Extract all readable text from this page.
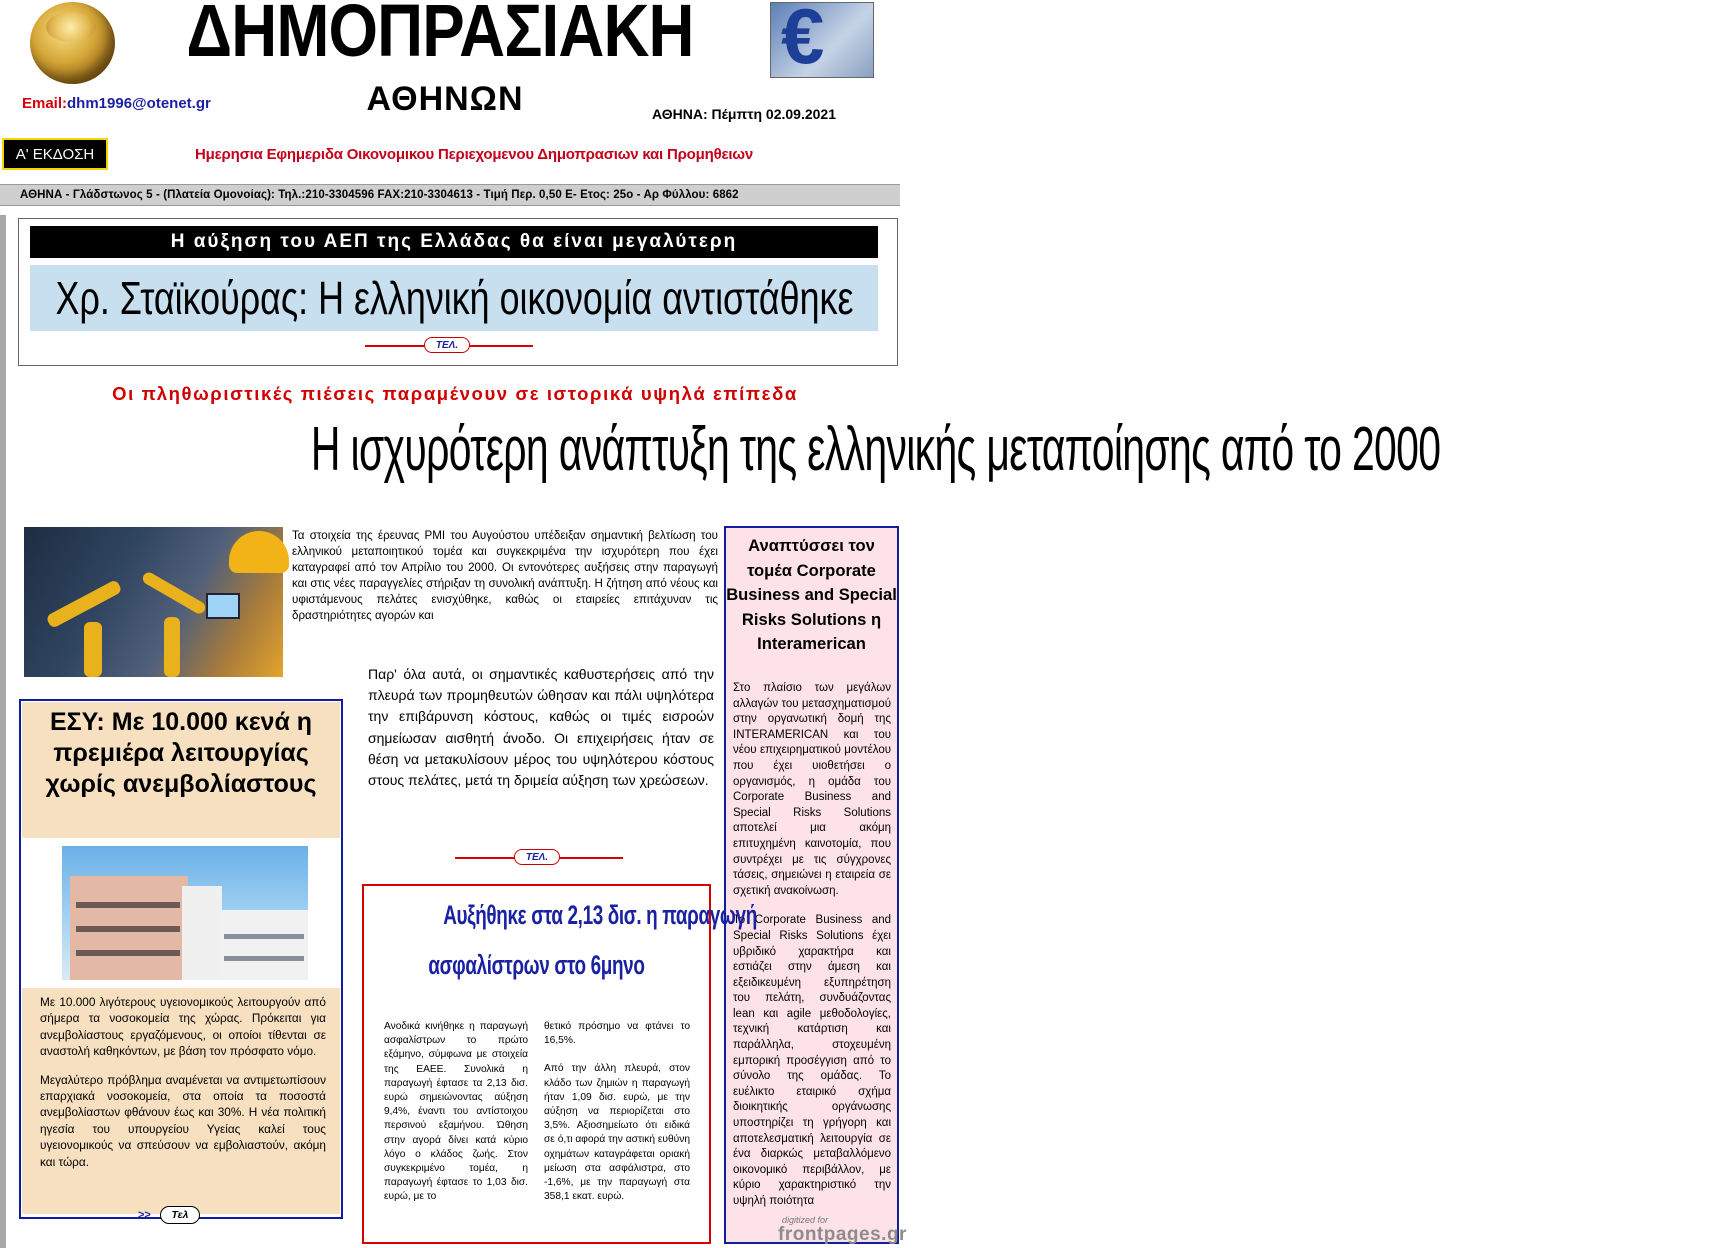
ΔΗΜΟΠΡΑΣΙΑΚΗ
ΑΘΗΝΩΝ
€
Email:dhm1996@otenet.gr
ΑΘΗΝΑ: Πέμπτη 02.09.2021
Α' ΕΚΔΟΣΗ	Ημερησια Εφημεριδα Οικονομικου Περιεχομενου Δημοπρασιων και Προμηθειων
ΑΘΗΝΑ - Γλάδστωνος 5 - (Πλατεία Ομονοίας): Τηλ.:210-3304596 FAX:210-3304613 - Τιμή Περ. 0,50 Ε- Ετος: 25ο - Αρ Φύλλου: 6862
Η αύξηση του ΑΕΠ της Ελλάδας θα είναι μεγαλύτερη
Χρ. Σταϊκούρας: Η ελληνική οικονομία αντιστάθηκε
ΤΕΛ.
Οι πληθωριστικές πιέσεις παραμένουν σε ιστορικά υψηλά επίπεδα
Η ισχυρότερη ανάπτυξη της ελληνικής μεταποίησης από το 2000
Τα στοιχεία της έρευνας PMI του Αυγούστου υπέδειξαν σημαντική βελτίωση του ελληνικού μεταποιητικού τομέα και συγκεκριμένα την ισχυρότερη που έχει καταγραφεί από τον Απρίλιο του 2000. Οι εντονότερες αυξήσεις στην παραγωγή και στις νέες παραγγελίες στήριξαν τη συνολική ανάπτυξη. Η ζήτηση από νέους και υφιστάμενους πελάτες ενισχύθηκε, καθώς οι εταιρείες επιτάχυναν τις δραστηριότητες αγορών και
Παρ' όλα αυτά, οι σημαντικές καθυστερήσεις από την πλευρά των προμηθευτών ώθησαν και πάλι υψηλότερα την επιβάρυνση κόστους, καθώς οι τιμές εισροών σημείωσαν αισθητή άνοδο. Οι επιχειρήσεις ήταν σε θέση να μετακυλίσουν μέρος του υψηλότερου κόστους στους πελάτες, μετά τη δριμεία αύξηση των χρεώσεων.
ΤΕΛ.
ΕΣΥ: Με 10.000 κενά η πρεμιέρα λειτουργίας χωρίς ανεμβολίαστους

Με 10.000 λιγότερους υγειονομικούς λειτουργούν από σήμερα τα νοσοκομεία της χώρας. Πρόκειται για ανεμβολίαστους εργαζόμενους, οι οποίοι τίθενται σε αναστολή καθηκόντων, με βάση τον πρόσφατο νόμο.

Μεγαλύτερο πρόβλημα αναμένεται να αντιμετωπίσουν επαρχιακά νοσοκομεία, στα οποία τα ποσοστά ανεμβολίαστων φθάνουν έως και 30%. Η νέα πολιτική ηγεσία του υπουργείου Υγείας καλεί τους υγειονομικούς να σπεύσουν να εμβολιαστούν, ακόμη και τώρα.

>>	Τελ
Αναπτύσσει τον τομέα Corporate Business and Special Risks Solutions η Interamerican

Στο πλαίσιο των μεγάλων αλλαγών του μετασχηματισμού στην οργανωτική δομή της INTERAMERICAN και του νέου επιχειρηματικού μοντέλου που έχει υιοθετήσει ο οργανισμός, η ομάδα του Corporate Business and Special Risks Solutions αποτελεί μια ακόμη επιτυχημένη καινοτομία, που συντρέχει με τις σύγχρονες τάσεις, σημειώνει η εταιρεία σε σχετική ανακοίνωση.

To Corporate Business and Special Risks Solutions έχει υβριδικό χαρακτήρα και εστιάζει στην άμεση και εξειδικευμένη εξυπηρέτηση του πελάτη, συνδυάζοντας lean και agile μεθοδολογίες, τεχνική κατάρτιση και παράλληλα, στοχευμένη εμπορική προσέγγιση από το σύνολο της ομάδας. Το ευέλικτο εταιρικό σχήμα διοικητικής οργάνωσης υποστηρίζει τη γρήγορη και αποτελεσματική λειτουργία σε ένα διαρκώς μεταβαλλόμενο οικονομικό περιβάλλον, με κύριο χαρακτηριστικό την υψηλή ποιότητα

Αυξήθηκε στα 2,13 δισ. η παραγωγή
ασφαλίστρων στο 6μηνο
Ανοδικά κινήθηκε η παραγωγή ασφαλίστρων το πρώτο εξάμηνο, σύμφωνα με στοιχεία της ΕΑΕΕ. Συνολικά η παραγωγή έφτασε τα 2,13 δισ. ευρώ σημειώνοντας αύξηση 9,4%, έναντι του αντίστοιχου περσινού εξαμήνου. Ώθηση στην αγορά δίνει κατά κύριο λόγο ο κλάδος ζωής. Στον συγκεκριμένο τομέα, η παραγωγή έφτασε το 1,03 δισ. ευρώ, με το
θετικό πρόσημο να φτάνει το 16,5%.
Από την άλλη πλευρά, στον κλάδο των ζημιών η παραγωγή ήταν 1,09 δισ. ευρώ, με την αύξηση να περιορίζεται στο 3,5%. Αξιοσημείωτο ότι ειδικά σε ό,τι αφορά την αστική ευθύνη οχημάτων καταγράφεται οριακή μείωση στα ασφάλιστρα, στο -1,6%, με την παραγωγή στα 358,1 εκατ. ευρώ.
digitized for
frontpages.gr
